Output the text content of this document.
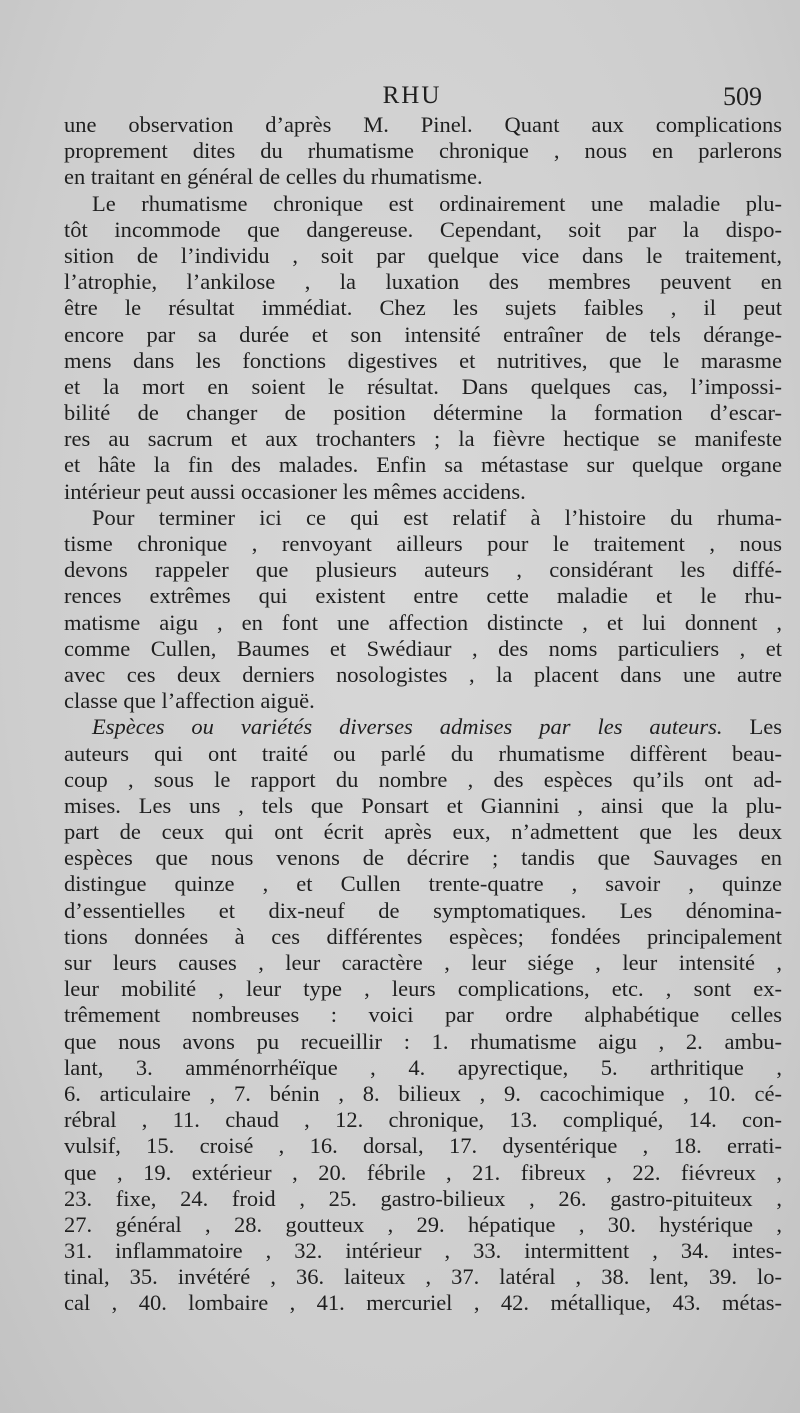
RHU	509
une observation d’après M. Pinel. Quant aux complications
proprement dites du rhumatisme chronique , nous en parlerons
en traitant en général de celles du rhumatisme.
Le rhumatisme chronique est ordinairement une maladie plu-
tôt incommode que dangereuse. Cependant, soit par la dispo-
sition de l’individu , soit par quelque vice dans le traitement,
l’atrophie, l’ankilose , la luxation des membres peuvent en
être le résultat immédiat. Chez les sujets faibles , il peut
encore par sa durée et son intensité entraîner de tels dérange-
mens dans les fonctions digestives et nutritives, que le marasme
et la mort en soient le résultat. Dans quelques cas, l’impossi-
bilité de changer de position détermine la formation d’escar-
res au sacrum et aux trochanters ; la fièvre hectique se manifeste
et hâte la fin des malades. Enfin sa métastase sur quelque organe
intérieur peut aussi occasioner les mêmes accidens.
Pour terminer ici ce qui est relatif à l’histoire du rhuma-
tisme chronique , renvoyant ailleurs pour le traitement , nous
devons rappeler que plusieurs auteurs , considérant les diffé-
rences extrêmes qui existent entre cette maladie et le rhu-
matisme aigu , en font une affection distincte , et lui donnent ,
comme Cullen, Baumes et Swédiaur , des noms particuliers , et
avec ces deux derniers nosologistes , la placent dans une autre
classe que l’affection aiguë.
Espèces ou variétés diverses admises par les auteurs. Les
auteurs qui ont traité ou parlé du rhumatisme diffèrent beau-
coup , sous le rapport du nombre , des espèces qu’ils ont ad-
mises. Les uns , tels que Ponsart et Giannini , ainsi que la plu-
part de ceux qui ont écrit après eux, n’admettent que les deux
espèces que nous venons de décrire ; tandis que Sauvages en
distingue quinze , et Cullen trente-quatre , savoir , quinze
d’essentielles et dix-neuf de symptomatiques. Les dénomina-
tions données à ces différentes espèces; fondées principalement
sur leurs causes , leur caractère , leur siége , leur intensité ,
leur mobilité , leur type , leurs complications, etc. , sont ex-
trêmement nombreuses : voici par ordre alphabétique celles
que nous avons pu recueillir : 1. rhumatisme aigu , 2. ambu-
lant, 3. amménorrhéïque , 4. apyrectique, 5. arthritique ,
6. articulaire , 7. bénin , 8. bilieux , 9. cacochimique , 10. cé-
rébral , 11. chaud , 12. chronique, 13. compliqué, 14. con-
vulsif, 15. croisé , 16. dorsal, 17. dysentérique , 18. errati-
que , 19. extérieur , 20. fébrile , 21. fibreux , 22. fiévreux ,
23. fixe, 24. froid , 25. gastro-bilieux , 26. gastro-pituiteux ,
27. général , 28. goutteux , 29. hépatique , 30. hystérique ,
31. inflammatoire , 32. intérieur , 33. intermittent , 34. intes-
tinal, 35. invétéré , 36. laiteux , 37. latéral , 38. lent, 39. lo-
cal , 40. lombaire , 41. mercuriel , 42. métallique, 43. métas-
